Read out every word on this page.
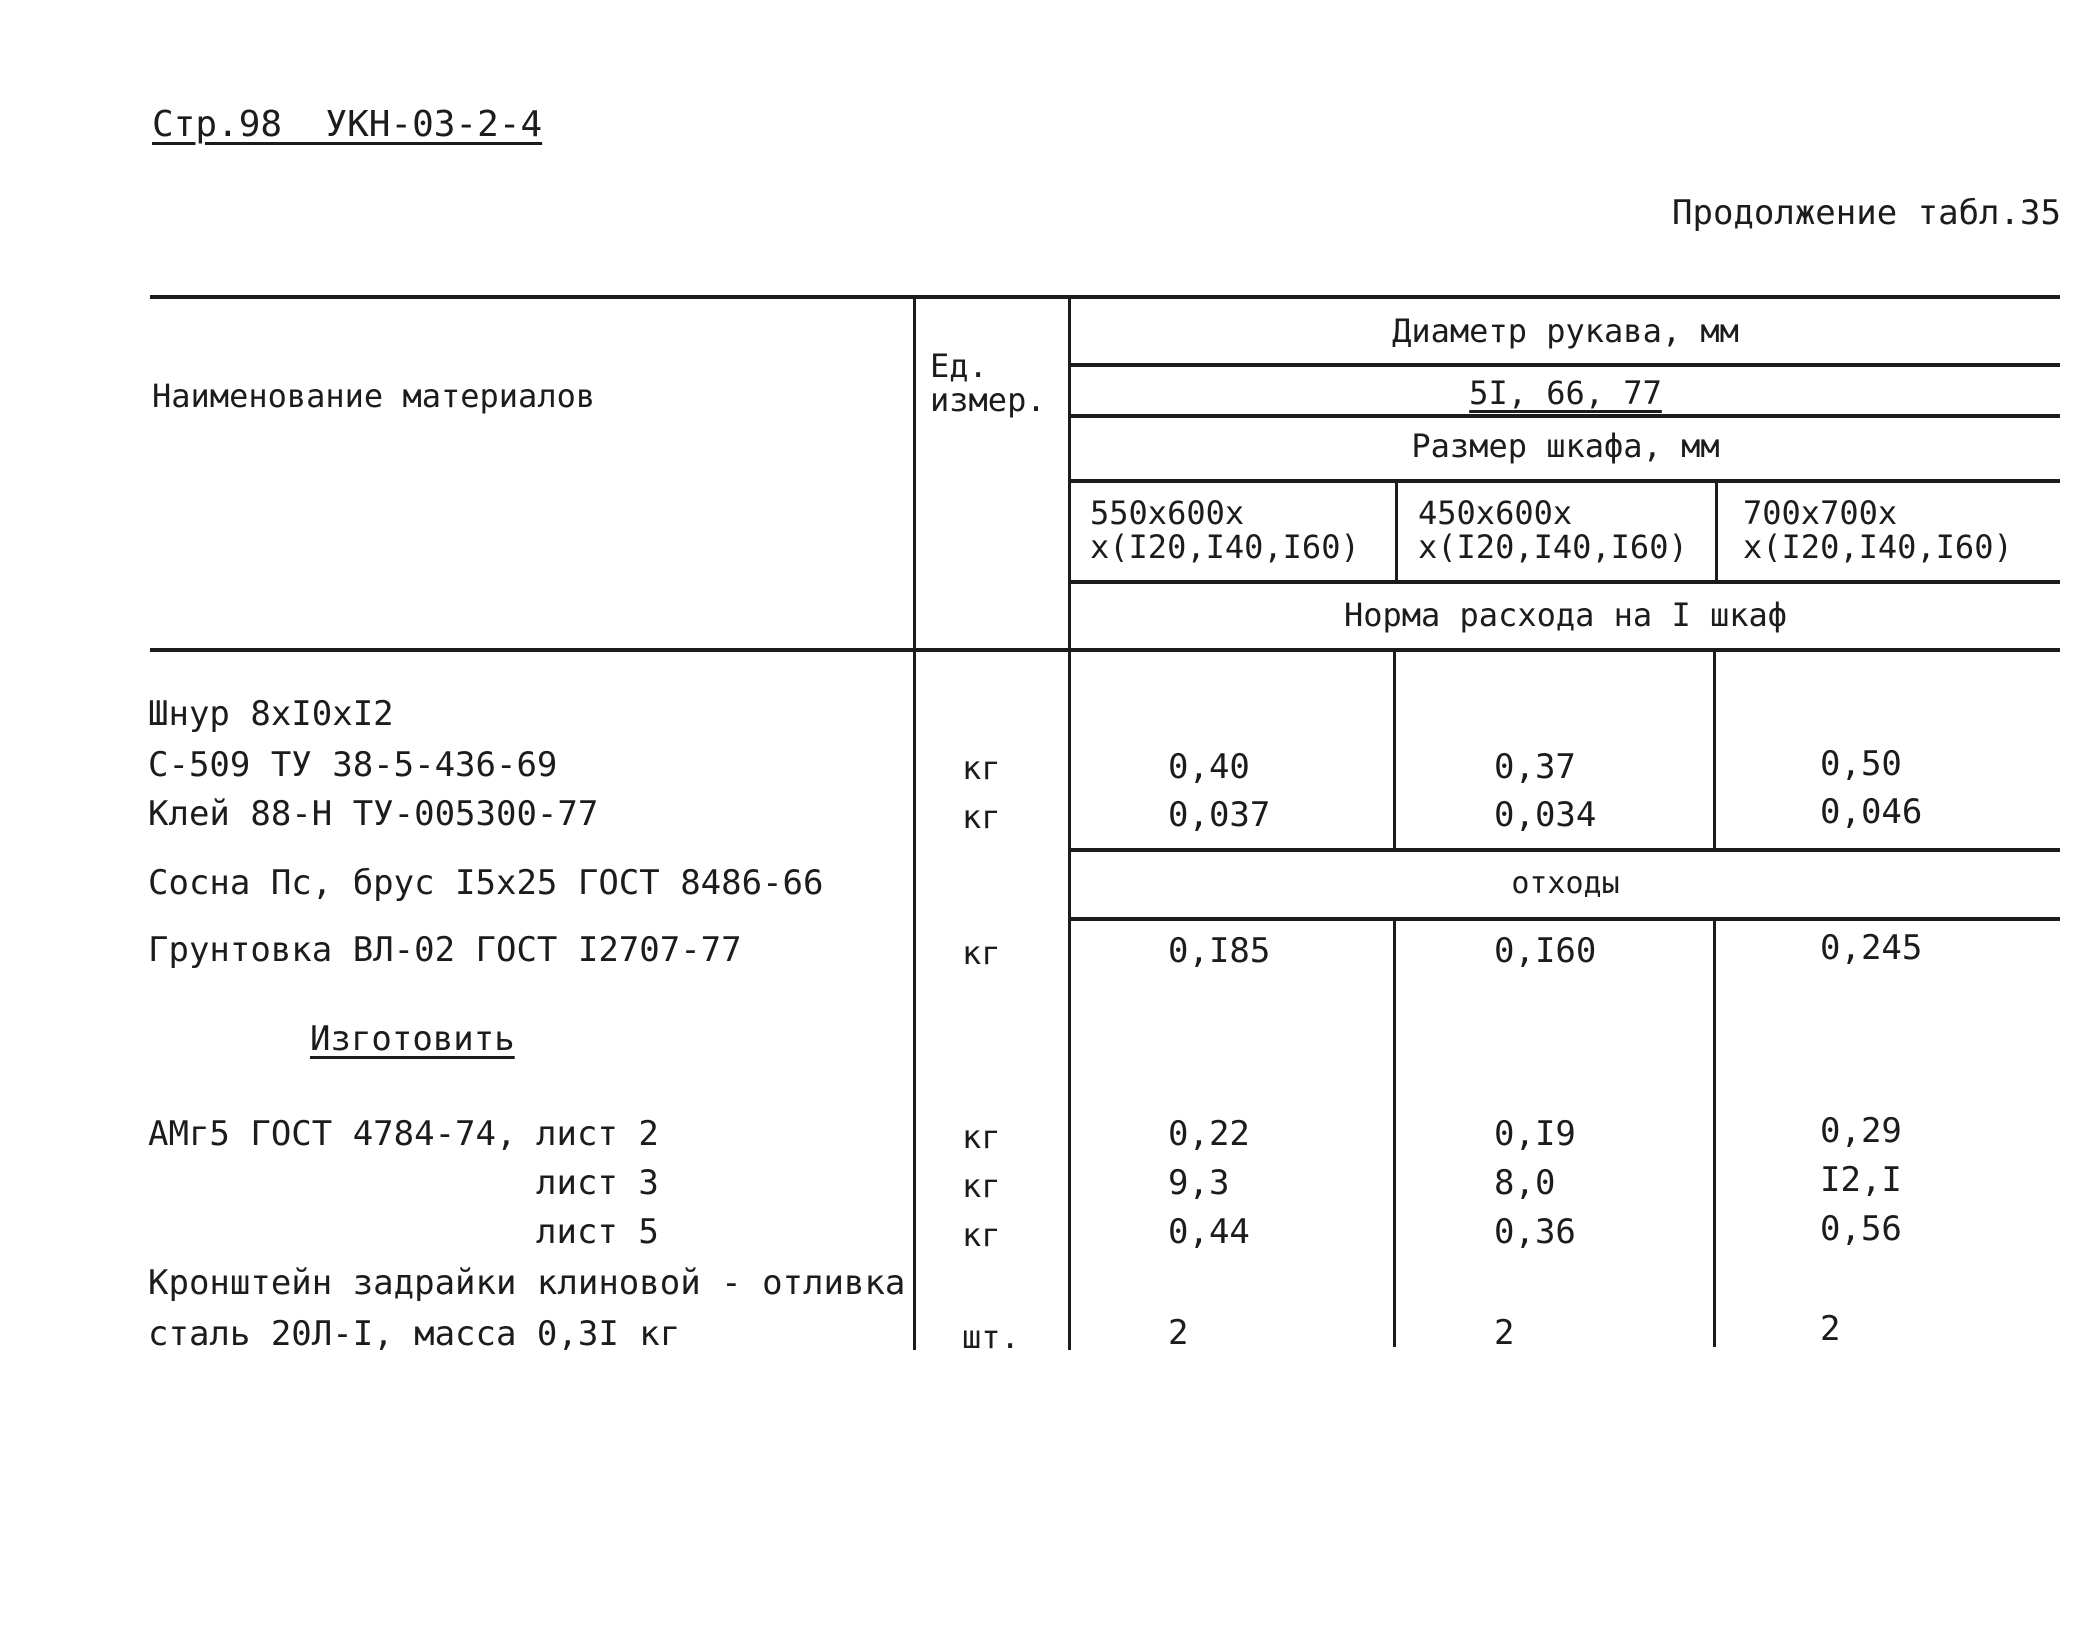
Стр.98  УКН-03-2-4
Продолжение табл.35
Наименование материалов
Ед.
измер.
Диаметр рукава, мм
5I, 66, 77
Размер шкафа, мм
550x600x
x(I20,I40,I60)
450x600x
x(I20,I40,I60)
700x700x
x(I20,I40,I60)
Норма расхода на I шкаф
Шнур 8xI0xI2
С-509 ТУ 38-5-436-69
Клей 88-Н ТУ-005300-77
Сосна Пс, брус I5x25 ГОСТ 8486-66
Грунтовка ВЛ-02 ГОСТ I2707-77
Изготовить
АМг5 ГОСТ 4784-74, лист 2
лист 3
лист 5
Кронштейн задрайки клиновой - отливка
сталь 20Л-I, масса 0,3I кг
кг
кг
кг
кг
кг
кг
шт.
0,40
0,037
0,I85
0,22
9,3
0,44
2
0,37
0,034
0,I60
0,I9
8,0
0,36
2
0,50
0,046
0,245
0,29
I2,I
0,56
2
отходы
